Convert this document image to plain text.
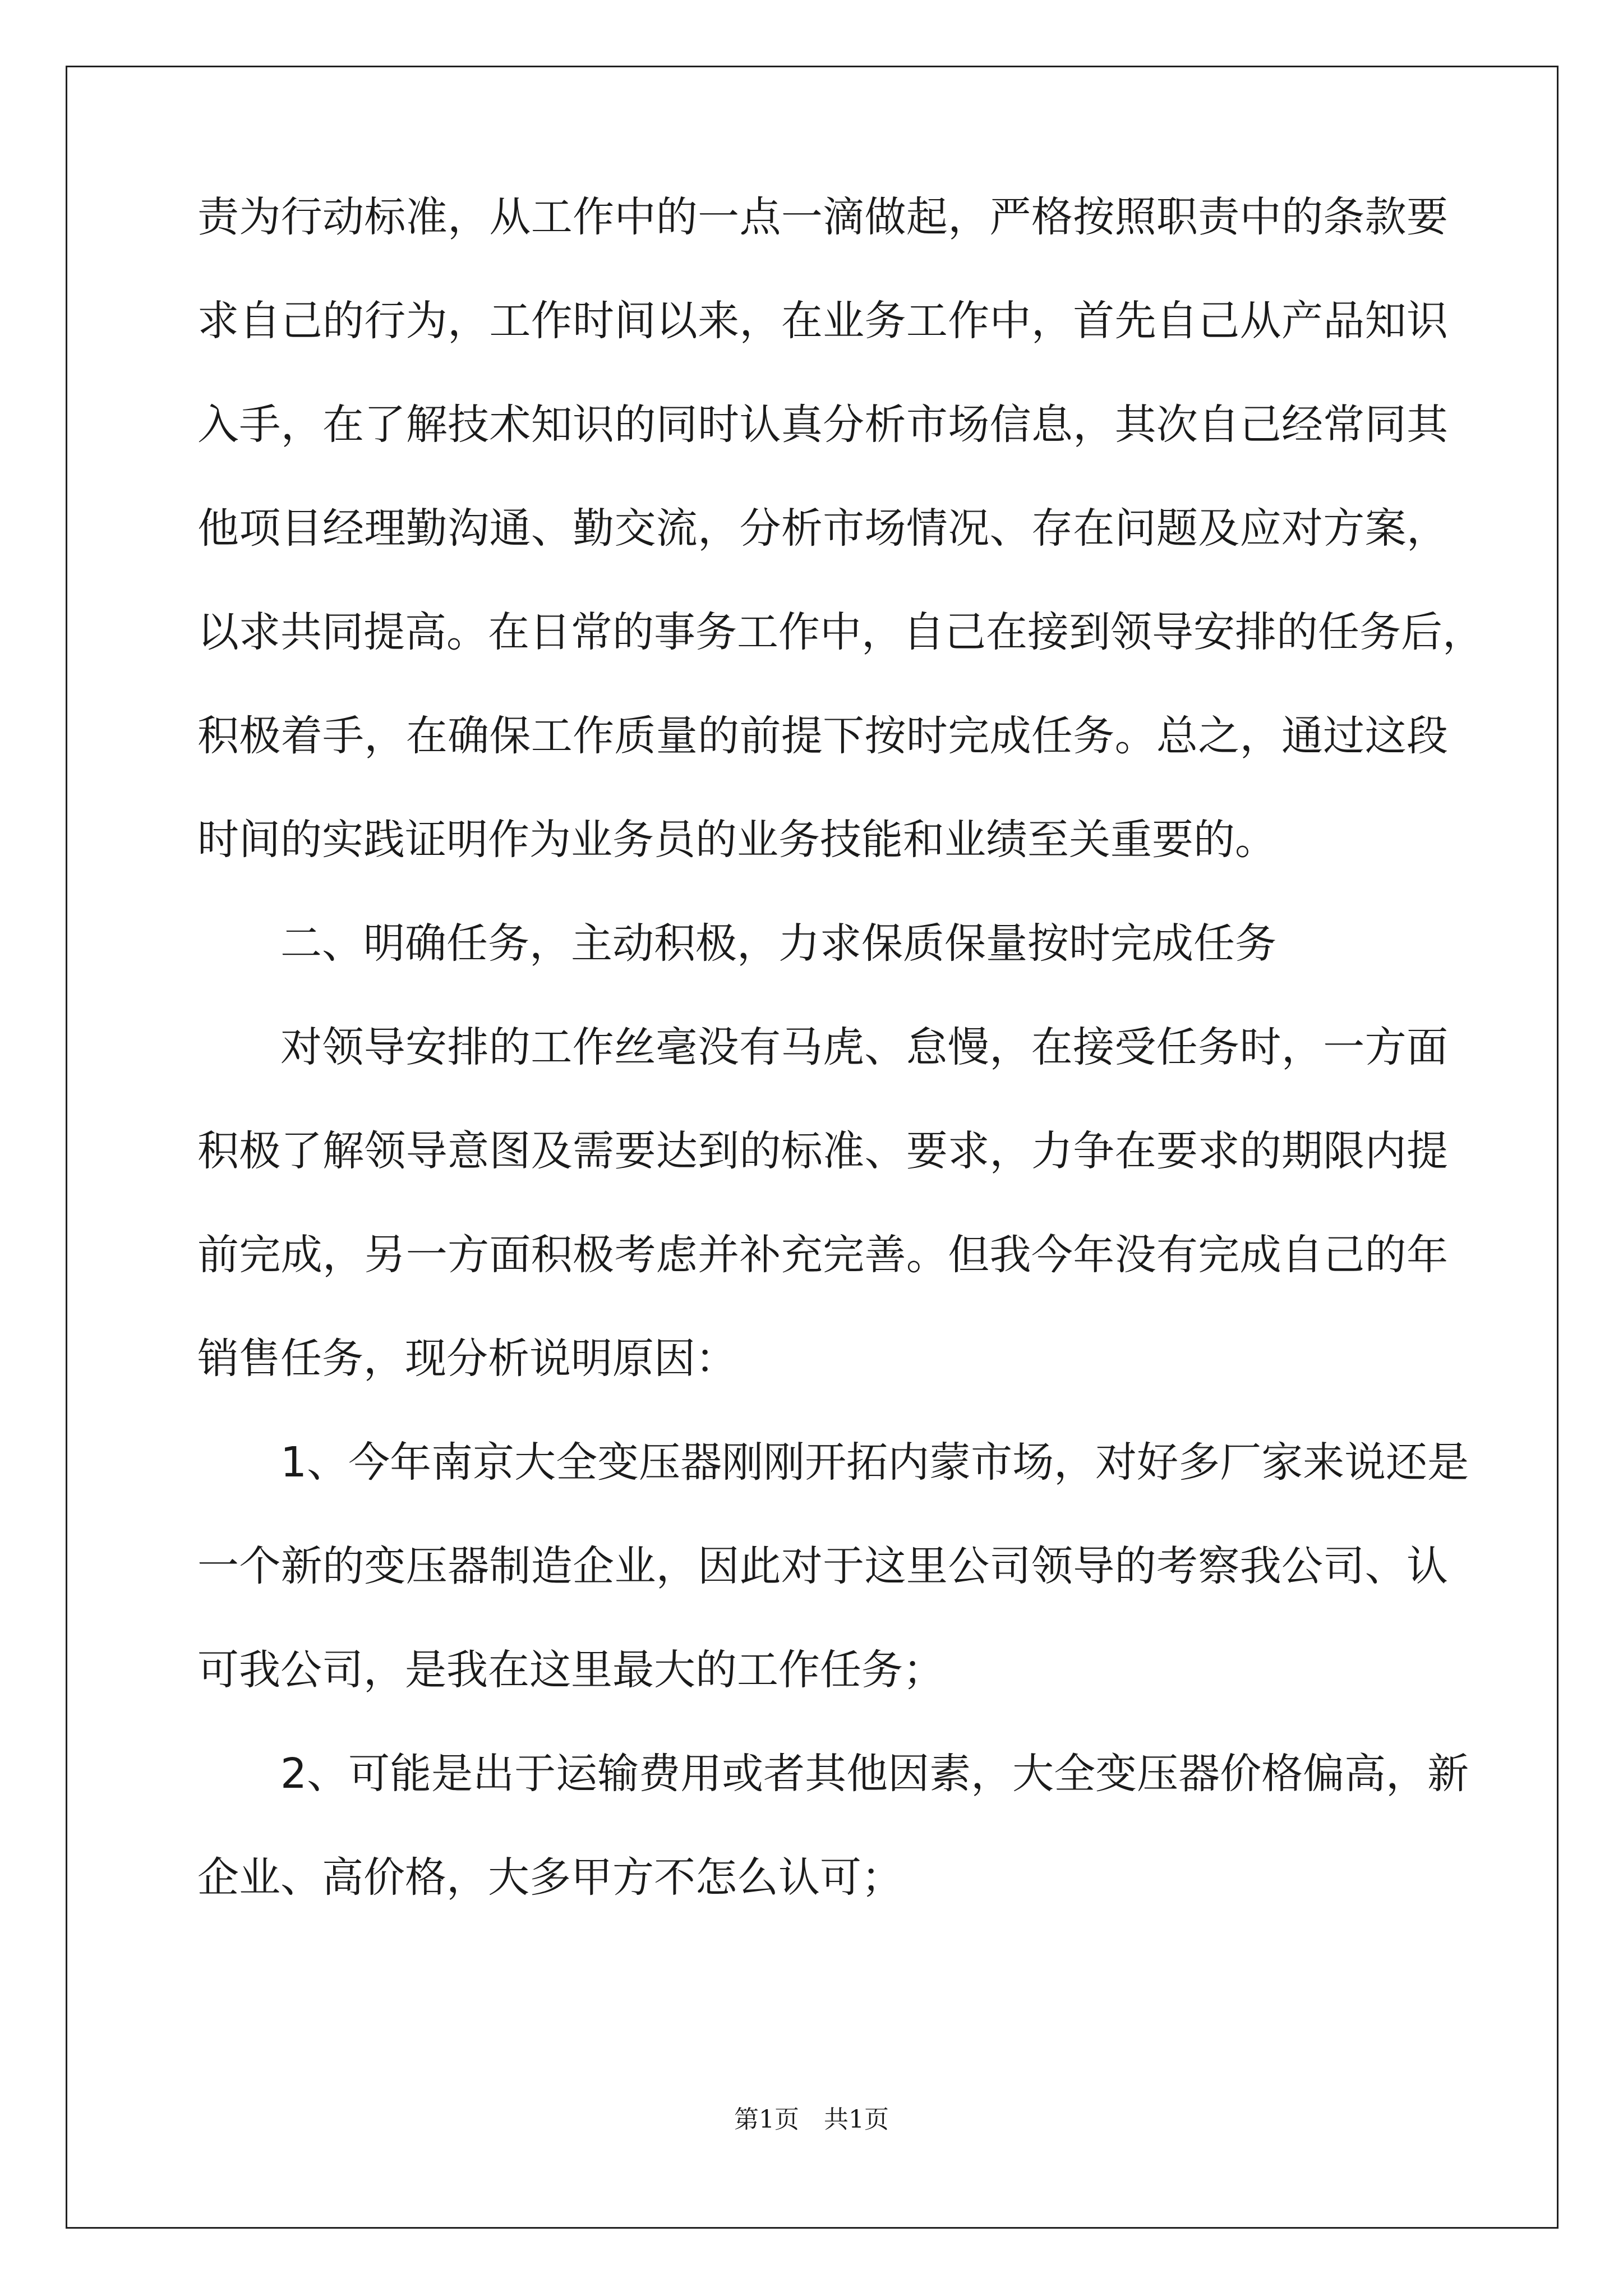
责为行动标准，从工作中的一点一滴做起，严格按照职责中的条款要
求自己的行为，工作时间以来，在业务工作中，首先自己从产品知识
入手，在了解技术知识的同时认真分析市场信息，其次自己经常同其
他项目经理勤沟通、勤交流，分析市场情况、存在问题及应对方案，
以求共同提高。在日常的事务工作中，自己在接到领导安排的任务后，
积极着手，在确保工作质量的前提下按时完成任务。总之，通过这段
时间的实践证明作为业务员的业务技能和业绩至关重要的。
二、明确任务，主动积极，力求保质保量按时完成任务
对领导安排的工作丝毫没有马虎、怠慢，在接受任务时，一方面
积极了解领导意图及需要达到的标准、要求，力争在要求的期限内提
前完成，另一方面积极考虑并补充完善。但我今年没有完成自己的年
销售任务，现分析说明原因：
1、今年南京大全变压器刚刚开拓内蒙市场，对好多厂家来说还是
一个新的变压器制造企业，因此对于这里公司领导的考察我公司、认
可我公司，是我在这里最大的工作任务；
2、可能是出于运输费用或者其他因素，大全变压器价格偏高，新
企业、高价格，大多甲方不怎么认可；
第1页 共1页
